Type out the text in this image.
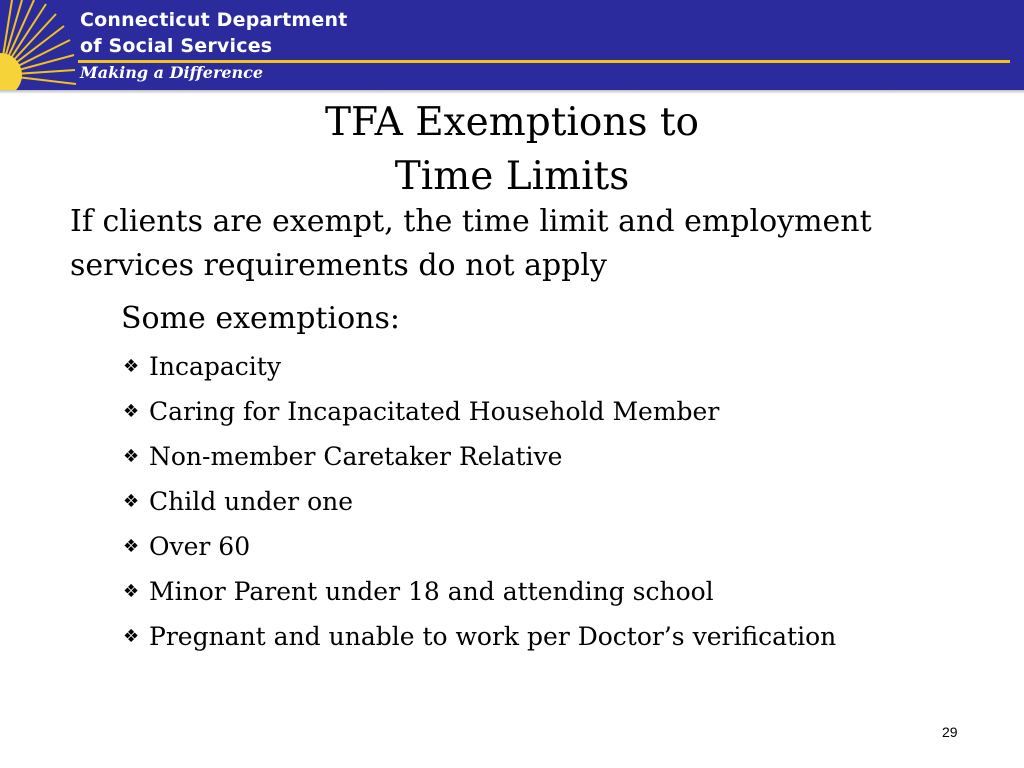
Connecticut Department
of Social Services
Making a Difference
TFA Exemptions to
Time Limits
If clients are exempt, the time limit and employment services requirements do not apply
Some exemptions:
❖ Incapacity
❖ Caring for Incapacitated Household Member
❖ Non-member Caretaker Relative
❖ Child under one
❖ Over 60
❖ Minor Parent under 18 and attending school
❖ Pregnant and unable to work per Doctor’s verification
29
